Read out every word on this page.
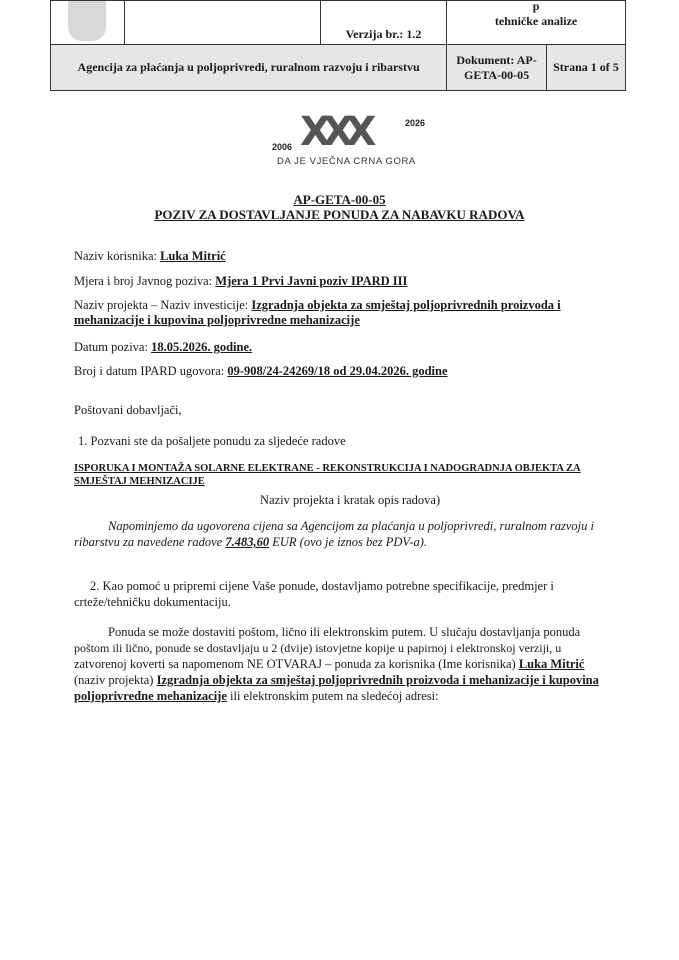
		Verzija br.: 1.2	p
tehničke analize	

Agencija za plaćanja u poljoprivredi, ruralnom razvoju i ribarstvu			Dokument: AP-GETA-00-05	Strana 1 of 5
XXX
2006
2026
DA JE VJEČNA CRNA GORA
AP-GETA-00-05
POZIV ZA DOSTAVLJANJE PONUDA ZA NABAVKU RADOVA
Naziv korisnika: Luka Mitrić
Mjera i broj Javnog poziva: Mjera 1 Prvi Javni poziv IPARD III
Naziv projekta – Naziv investicije: Izgradnja objekta za smještaj poljoprivrednih proizvoda i
mehanizacije i kupovina poljoprivredne mehanizacije
Datum poziva: 18.05.2026. godine.
Broj i datum IPARD ugovora: 09-908/24-24269/18 od 29.04.2026. godine
Poštovani dobavljači,
1. Pozvani ste da pošaljete ponudu za sljedeće radove
ISPORUKA I MONTAŽA SOLARNE ELEKTRANE - REKONSTRUKCIJA I NADOGRADNJA OBJEKTA ZA
SMJEŠTAJ MEHNIZACIJE
Naziv projekta i kratak opis radova)
Napominjemo da ugovorena cijena sa Agencijom za plaćanja u poljoprivredi, ruralnom razvoju i
ribarstvu za navedene radove 7.483,60 EUR (ovo je iznos bez PDV-a).
2. Kao pomoć u pripremi cijene Vaše ponude, dostavljamo potrebne specifikacije, predmjer i
crteže/tehničku dokumentaciju.
Ponuda se može dostaviti poštom, lično ili elektronskim putem. U slučaju dostavljanja ponuda
poštom ili lično, ponude se dostavljaju u 2 (dvije) istovjetne kopije u papirnoj i elektronskoj verziji, u
zatvorenoj koverti sa napomenom NE OTVARAJ – ponuda za korisnika (Ime korisnika) Luka Mitrić
(naziv projekta) Izgradnja objekta za smještaj poljoprivrednih proizvoda i mehanizacije i kupovina
poljoprivredne mehanizacije ili elektronskim putem na sledećoj adresi:
